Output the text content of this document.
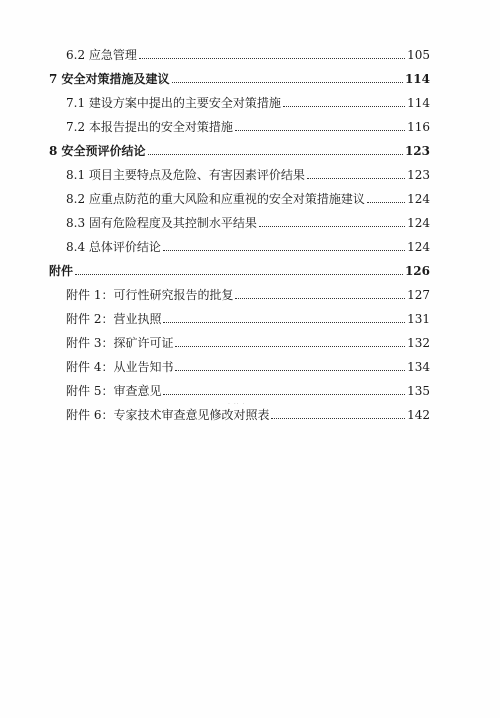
6.2 应急管理	105
7 安全对策措施及建议	114
7.1 建设方案中提出的主要安全对策措施	114
7.2 本报告提出的安全对策措施	116
8 安全预评价结论	123
8.1 项目主要特点及危险、有害因素评价结果	123
8.2 应重点防范的重大风险和应重视的安全对策措施建议	124
8.3 固有危险程度及其控制水平结果	124
8.4 总体评价结论	124
附件	126
附件 1：可行性研究报告的批复	127
附件 2：营业执照	131
附件 3：探矿许可证	132
附件 4：从业告知书	134
附件 5：审查意见	135
附件 6：专家技术审查意见修改对照表	142
· ·· ·
